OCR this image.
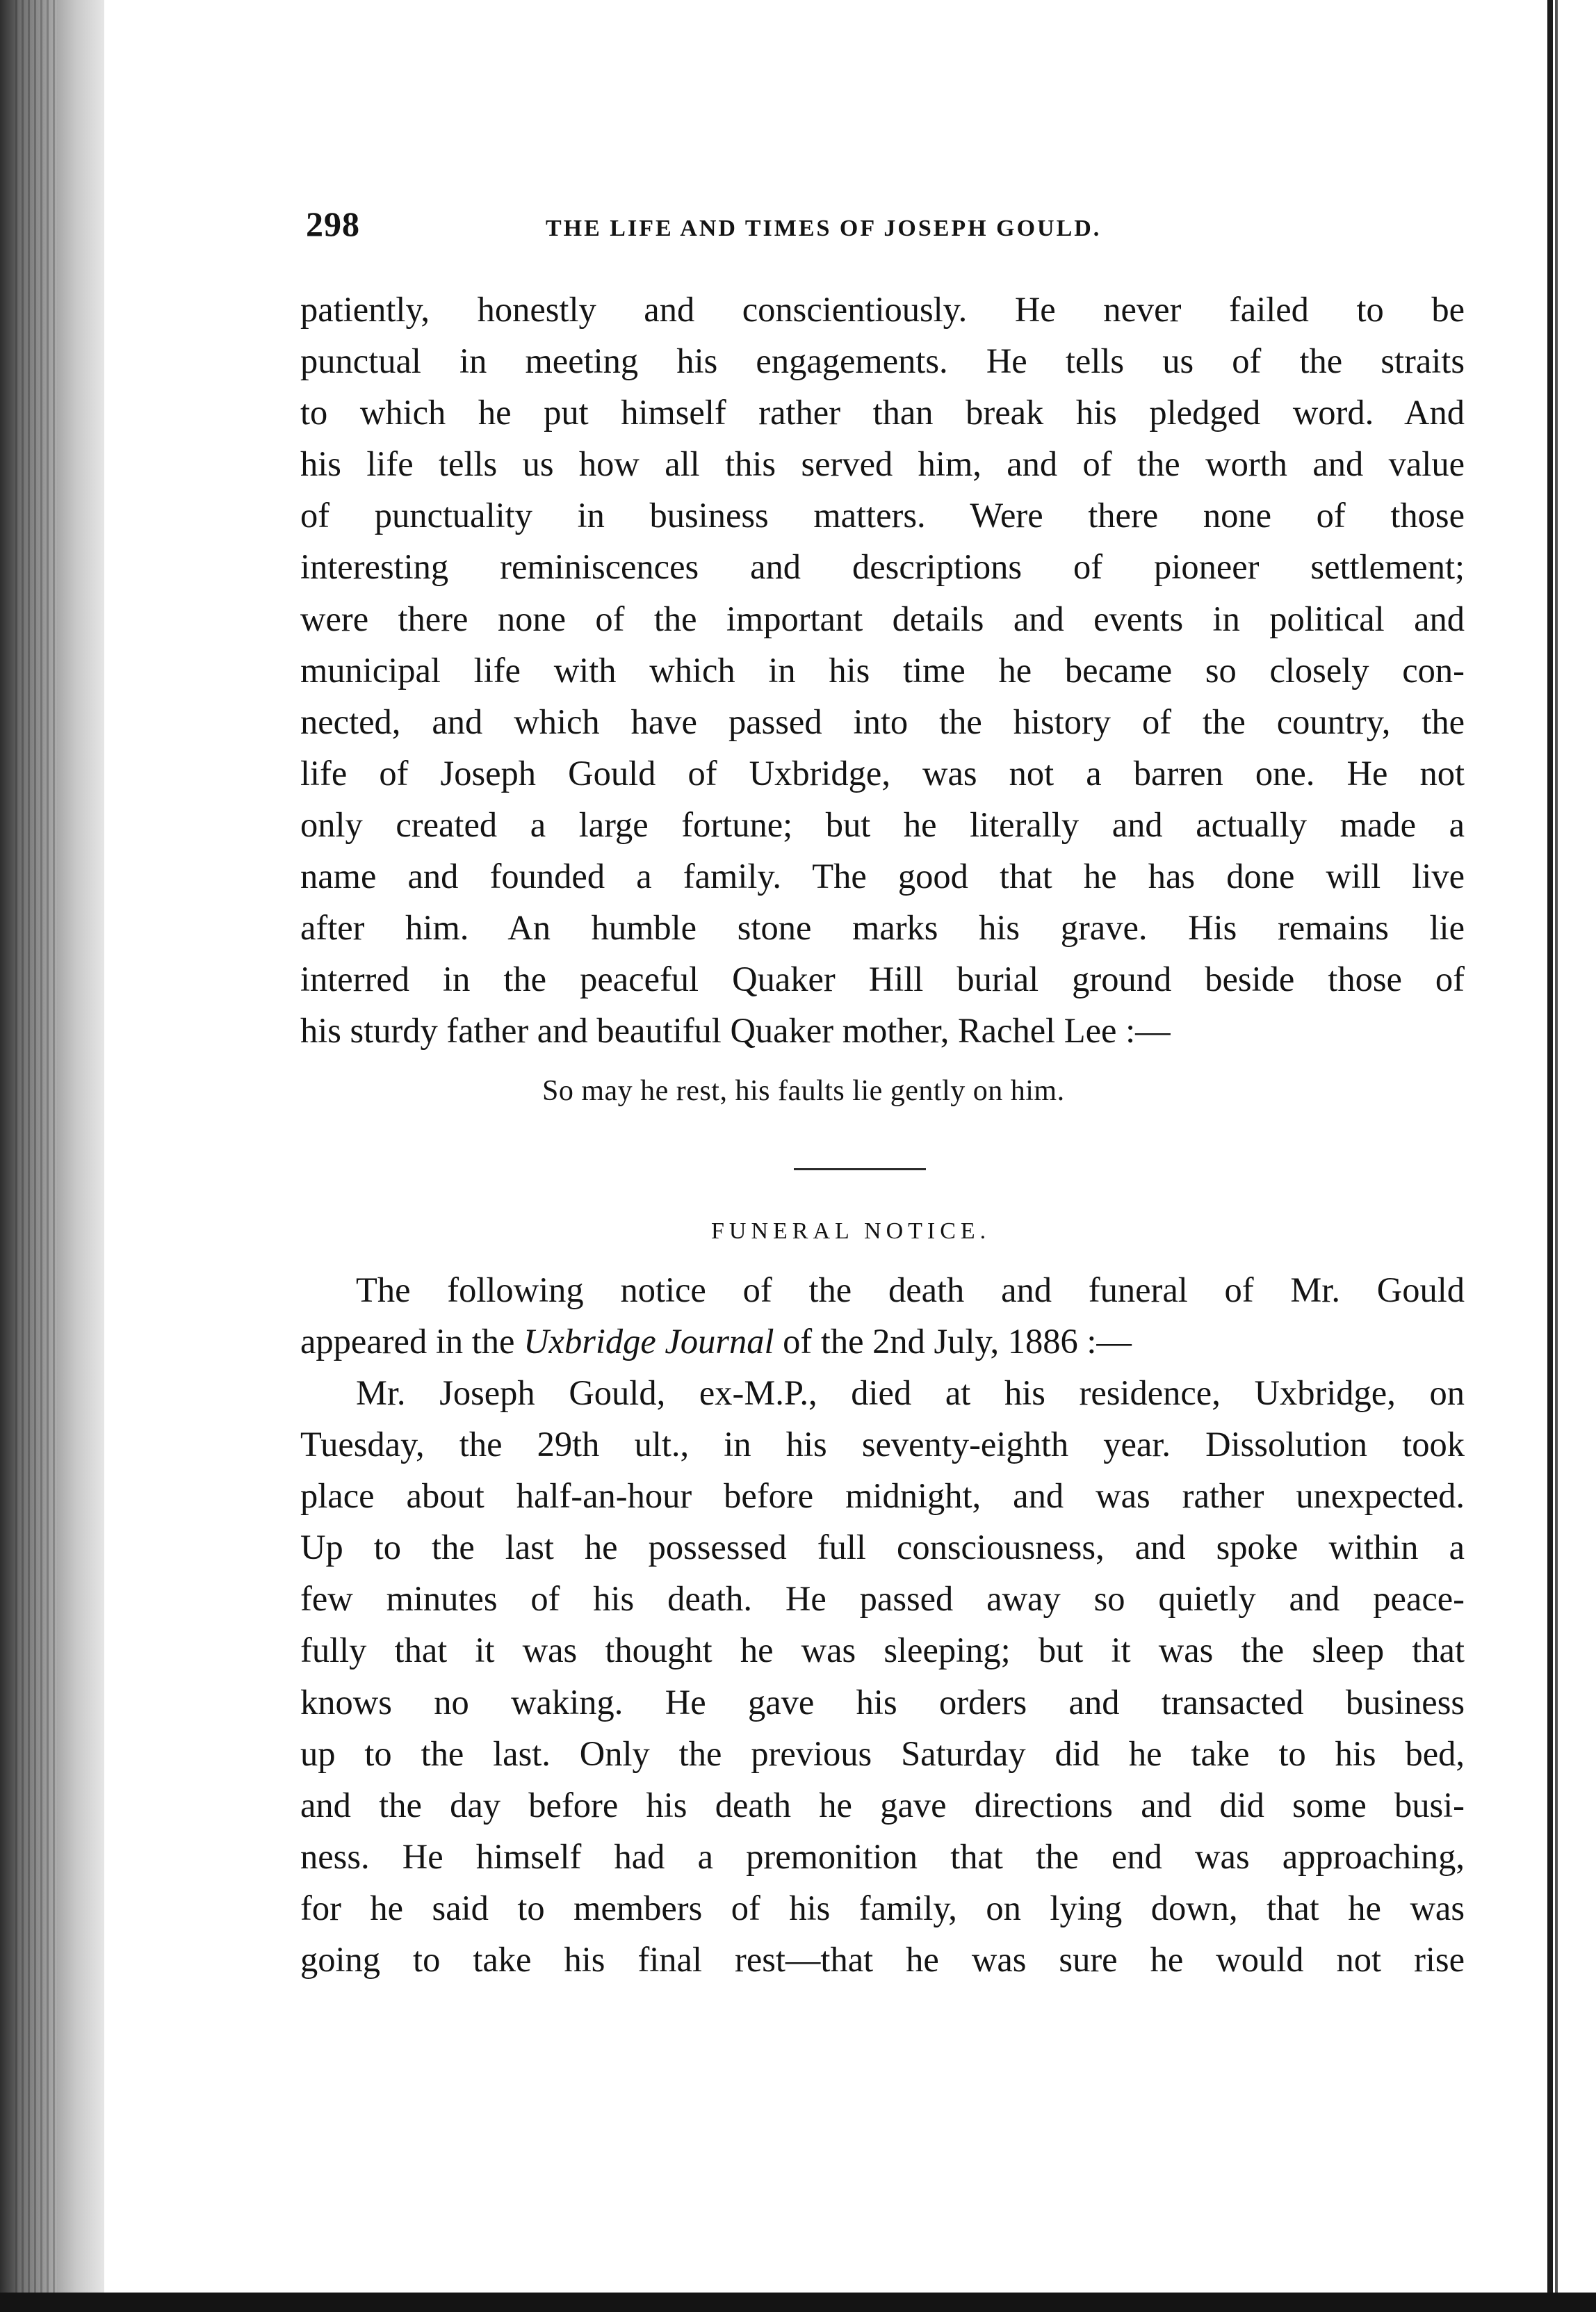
298	THE LIFE AND TIMES OF JOSEPH GOULD.
patiently, honestly and conscientiously. He never failed to be
punctual in meeting his engagements. He tells us of the straits
to which he put himself rather than break his pledged word. And
his life tells us how all this served him, and of the worth and value
of punctuality in business matters. Were there none of those
interesting reminiscences and descriptions of pioneer settlement;
were there none of the important details and events in political and
municipal life with which in his time he became so closely con-
nected, and which have passed into the history of the country, the
life of Joseph Gould of Uxbridge, was not a barren one. He not
only created a large fortune; but he literally and actually made a
name and founded a family. The good that he has done will live
after him. An humble stone marks his grave. His remains lie
interred in the peaceful Quaker Hill burial ground beside those of
his sturdy father and beautiful Quaker mother, Rachel Lee :—
So may he rest, his faults lie gently on him.
FUNERAL NOTICE.
The following notice of the death and funeral of Mr. Gould
appeared in the Uxbridge Journal of the 2nd July, 1886 :—
Mr. Joseph Gould, ex-M.P., died at his residence, Uxbridge, on
Tuesday, the 29th ult., in his seventy-eighth year. Dissolution took
place about half-an-hour before midnight, and was rather unexpected.
Up to the last he possessed full consciousness, and spoke within a
few minutes of his death. He passed away so quietly and peace-
fully that it was thought he was sleeping; but it was the sleep that
knows no waking. He gave his orders and transacted business
up to the last. Only the previous Saturday did he take to his bed,
and the day before his death he gave directions and did some busi-
ness. He himself had a premonition that the end was approaching,
for he said to members of his family, on lying down, that he was
going to take his final rest—that he was sure he would not rise
